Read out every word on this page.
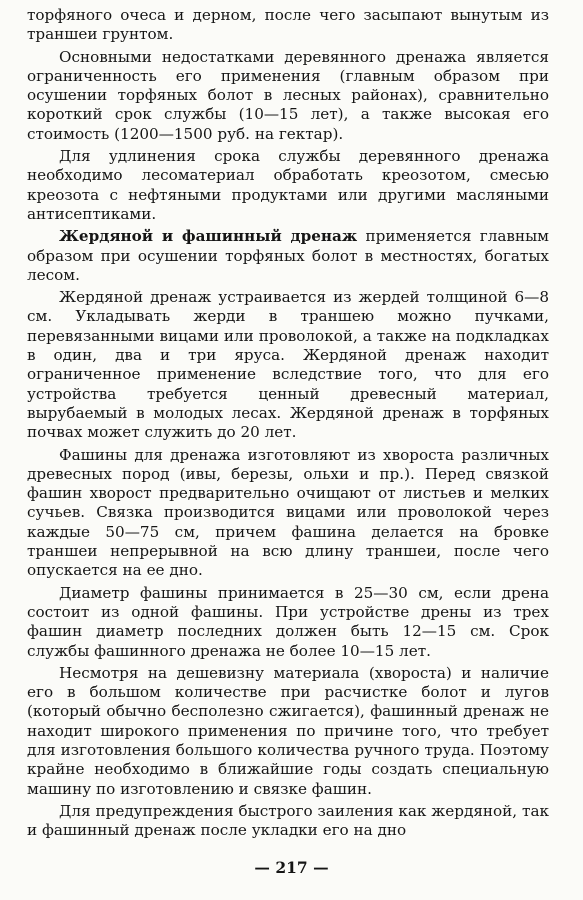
торфяного очеса и дерном, после чего засыпают вынутым из траншеи грунтом.

Основными недостатками деревянного дренажа является ограниченность его применения (главным образом при осушении торфяных болот в лесных районах), сравнительно короткий срок службы (10—15 лет), а также высокая его стоимость (1200—1500 руб. на гектар).

Для удлинения срока службы деревянного дренажа необходимо лесоматериал обработать креозотом, смесью креозота с нефтяными продуктами или другими масляными антисептиками.

Жердяной и фашинный дренаж применяется главным образом при осушении торфяных болот в местностях, богатых лесом.

Жердяной дренаж устраивается из жердей толщиной 6—8 см. Укладывать жерди в траншею можно пучками, перевязанными вицами или проволокой, а также на подкладках в один, два и три яруса. Жердяной дренаж находит ограниченное применение вследствие того, что для его устройства требуется ценный древесный материал, вырубаемый в молодых лесах. Жердяной дренаж в торфяных почвах может служить до 20 лет.

Фашины для дренажа изготовляют из хвороста различных древесных пород (ивы, березы, ольхи и пр.). Перед связкой фашин хворост предварительно очищают от листьев и мелких сучьев. Связка производится вицами или проволокой через каждые 50—75 см, причем фашина делается на бровке траншеи непрерывной на всю длину траншеи, после чего опускается на ее дно.

Диаметр фашины принимается в 25—30 см, если дрена состоит из одной фашины. При устройстве дрены из трех фашин диаметр последних должен быть 12—15 см. Срок службы фашинного дренажа не более 10—15 лет.

Несмотря на дешевизну материала (хвороста) и наличие его в большом количестве при расчистке болот и лугов (который обычно бесполезно сжигается), фашинный дренаж не находит широкого применения по причине того, что требует для изготовления большого количества ручного труда. Поэтому крайне необходимо в ближайшие годы создать специальную машину по изготовлению и связке фашин.

Для предупреждения быстрого заиления как жердяной, так и фашинный дренаж после укладки его на дно

— 217 —
